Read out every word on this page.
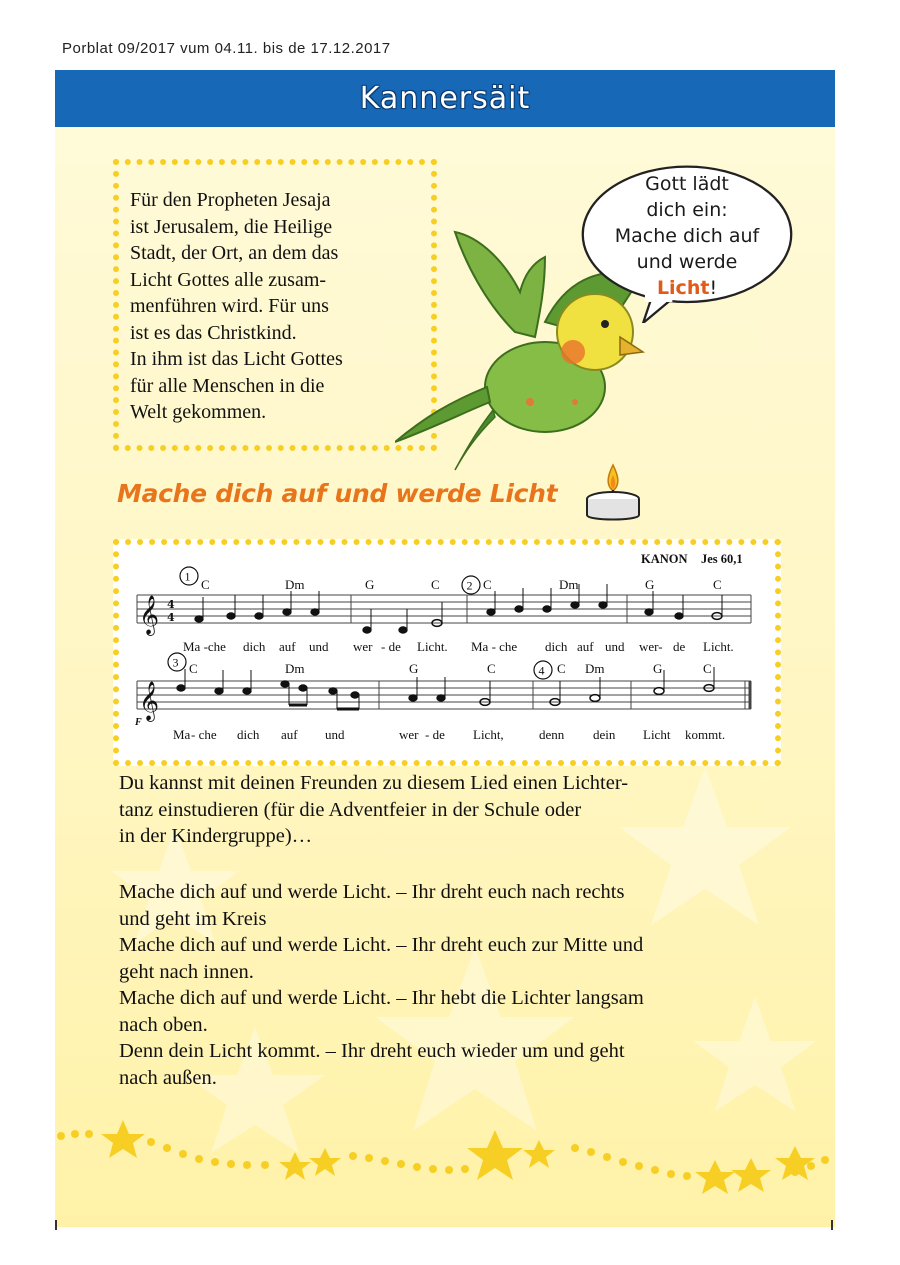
Porblat 09/2017 vum 04.11. bis de 17.12.2017
Kannersäit

Für den Propheten Jesaja

ist Jerusalem, die Heilige

Stadt, der Ort, an dem das

Licht Gottes alle zusam-

menführen wird. Für uns

ist es das Christkind.

In ihm ist das Licht Gottes

für alle Menschen in die

Welt gekommen.

Gott lädt

dich ein:

Mache dich auf

und werde

Licht!

Mache dich auf und werde Licht
KANON Jes 60,1
𝄞 4
4
1
2
C	Dm	G	C	C	Dm	G	C
Ma -che dich auf und wer - de Licht. Ma - che dich auf und wer- de Licht.
𝄞
F
3
4
C	Dm	G	C	C Dm	G	C
Ma - che dich auf und	wer - de Licht,	denn dein Licht kommt.

Du kannst mit deinen Freunden zu diesem Lied einen Lichter-

tanz einstudieren (für die Adventfeier in der Schule oder

in der Kindergruppe)…

Mache dich auf und werde Licht. – Ihr dreht euch nach rechts

und geht im Kreis

Mache dich auf und werde Licht. – Ihr dreht euch zur Mitte und

geht nach innen.

Mache dich auf und werde Licht. – Ihr hebt die Lichter langsam

nach oben.

Denn dein Licht kommt. – Ihr dreht euch wieder um und geht

nach außen.
